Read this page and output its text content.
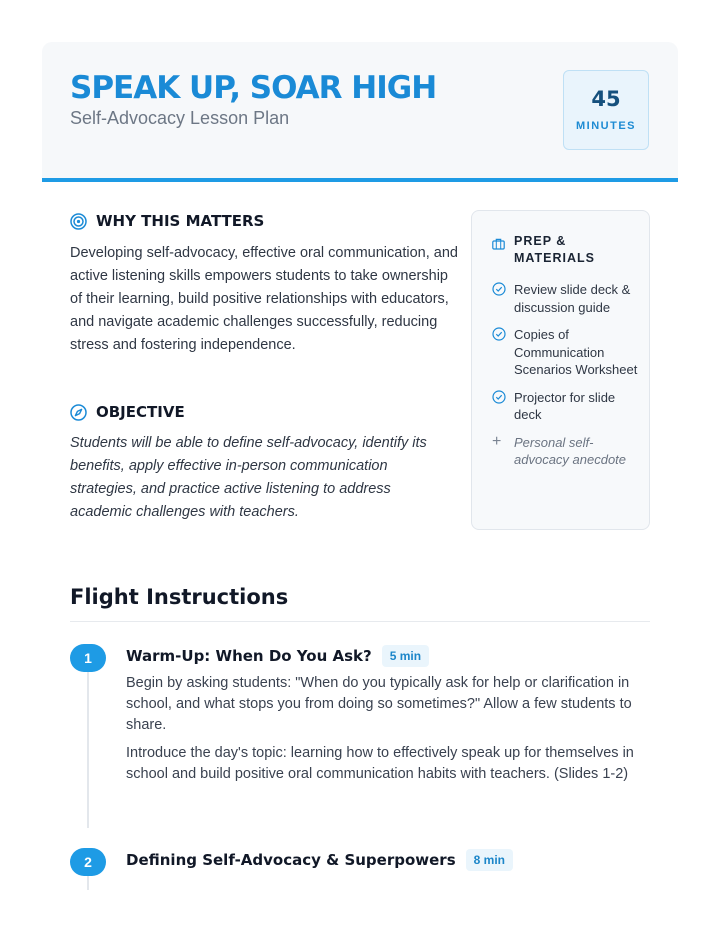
SPEAK UP, SOAR HIGH
Self-Advocacy Lesson Plan
45
MINUTES
WHY THIS MATTERS
Developing self-advocacy, effective oral communication, and active listening skills empowers students to take ownership of their learning, build positive relationships with educators, and navigate academic challenges successfully, reducing stress and fostering independence.
OBJECTIVE
Students will be able to define self-advocacy, identify its benefits, apply effective in-person communication strategies, and practice active listening to address academic challenges with teachers.
PREP & MATERIALS
Review slide deck & discussion guide
Copies of Communication Scenarios Worksheet
Projector for slide deck
+ Personal self-advocacy anecdote
Flight Instructions
1	Warm-Up: When Do You Ask?	5 min
Begin by asking students: "When do you typically ask for help or clarification in school, and what stops you from doing so sometimes?" Allow a few students to share.
Introduce the day's topic: learning how to effectively speak up for themselves in school and build positive oral communication habits with teachers. (Slides 1-2)
2	Defining Self-Advocacy & Superpowers	8 min
